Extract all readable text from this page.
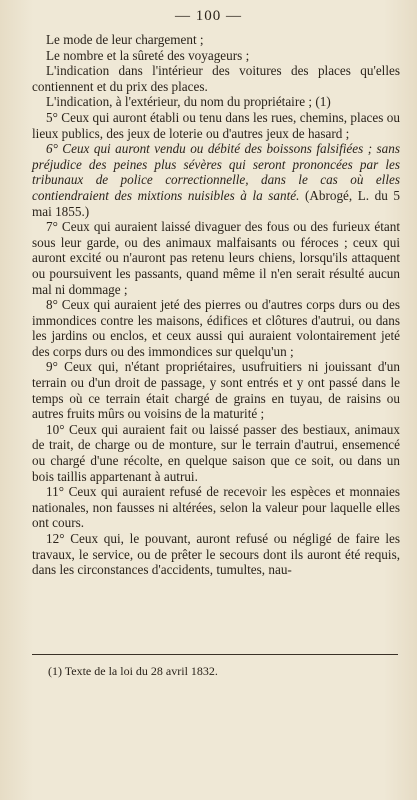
— 100 —

Le mode de leur chargement ;

Le nombre et la sûreté des voyageurs ;

L'indication dans l'intérieur des voitures des places qu'elles contiennent et du prix des places.

L'indication, à l'extérieur, du nom du propriétaire ; (1)

5° Ceux qui auront établi ou tenu dans les rues, chemins, places ou lieux publics, des jeux de loterie ou d'autres jeux de hasard ;

6° Ceux qui auront vendu ou débité des boissons falsifiées ; sans préjudice des peines plus sévères qui seront prononcées par les tribunaux de police correctionnelle, dans le cas où elles contiendraient des mixtions nuisibles à la santé. (Abrogé, L. du 5 mai 1855.)

7° Ceux qui auraient laissé divaguer des fous ou des furieux étant sous leur garde, ou des animaux malfaisants ou féroces ; ceux qui auront excité ou n'auront pas retenu leurs chiens, lorsqu'ils attaquent ou poursuivent les passants, quand même il n'en serait résulté aucun mal ni dommage ;

8° Ceux qui auraient jeté des pierres ou d'autres corps durs ou des immondices contre les maisons, édifices et clôtures d'autrui, ou dans les jardins ou enclos, et ceux aussi qui auraient volontairement jeté des corps durs ou des immondices sur quelqu'un ;

9° Ceux qui, n'étant propriétaires, usufruitiers ni jouissant d'un terrain ou d'un droit de passage, y sont entrés et y ont passé dans le temps où ce terrain était chargé de grains en tuyau, de raisins ou autres fruits mûrs ou voisins de la maturité ;

10° Ceux qui auraient fait ou laissé passer des bestiaux, animaux de trait, de charge ou de monture, sur le terrain d'autrui, ensemencé ou chargé d'une récolte, en quelque saison que ce soit, ou dans un bois taillis appartenant à autrui.

11° Ceux qui auraient refusé de recevoir les espèces et monnaies nationales, non fausses ni altérées, selon la valeur pour laquelle elles ont cours.

12° Ceux qui, le pouvant, auront refusé ou négligé de faire les travaux, le service, ou de prêter le secours dont ils auront été requis, dans les circonstances d'accidents, tumultes, nau-

(1) Texte de la loi du 28 avril 1832.
